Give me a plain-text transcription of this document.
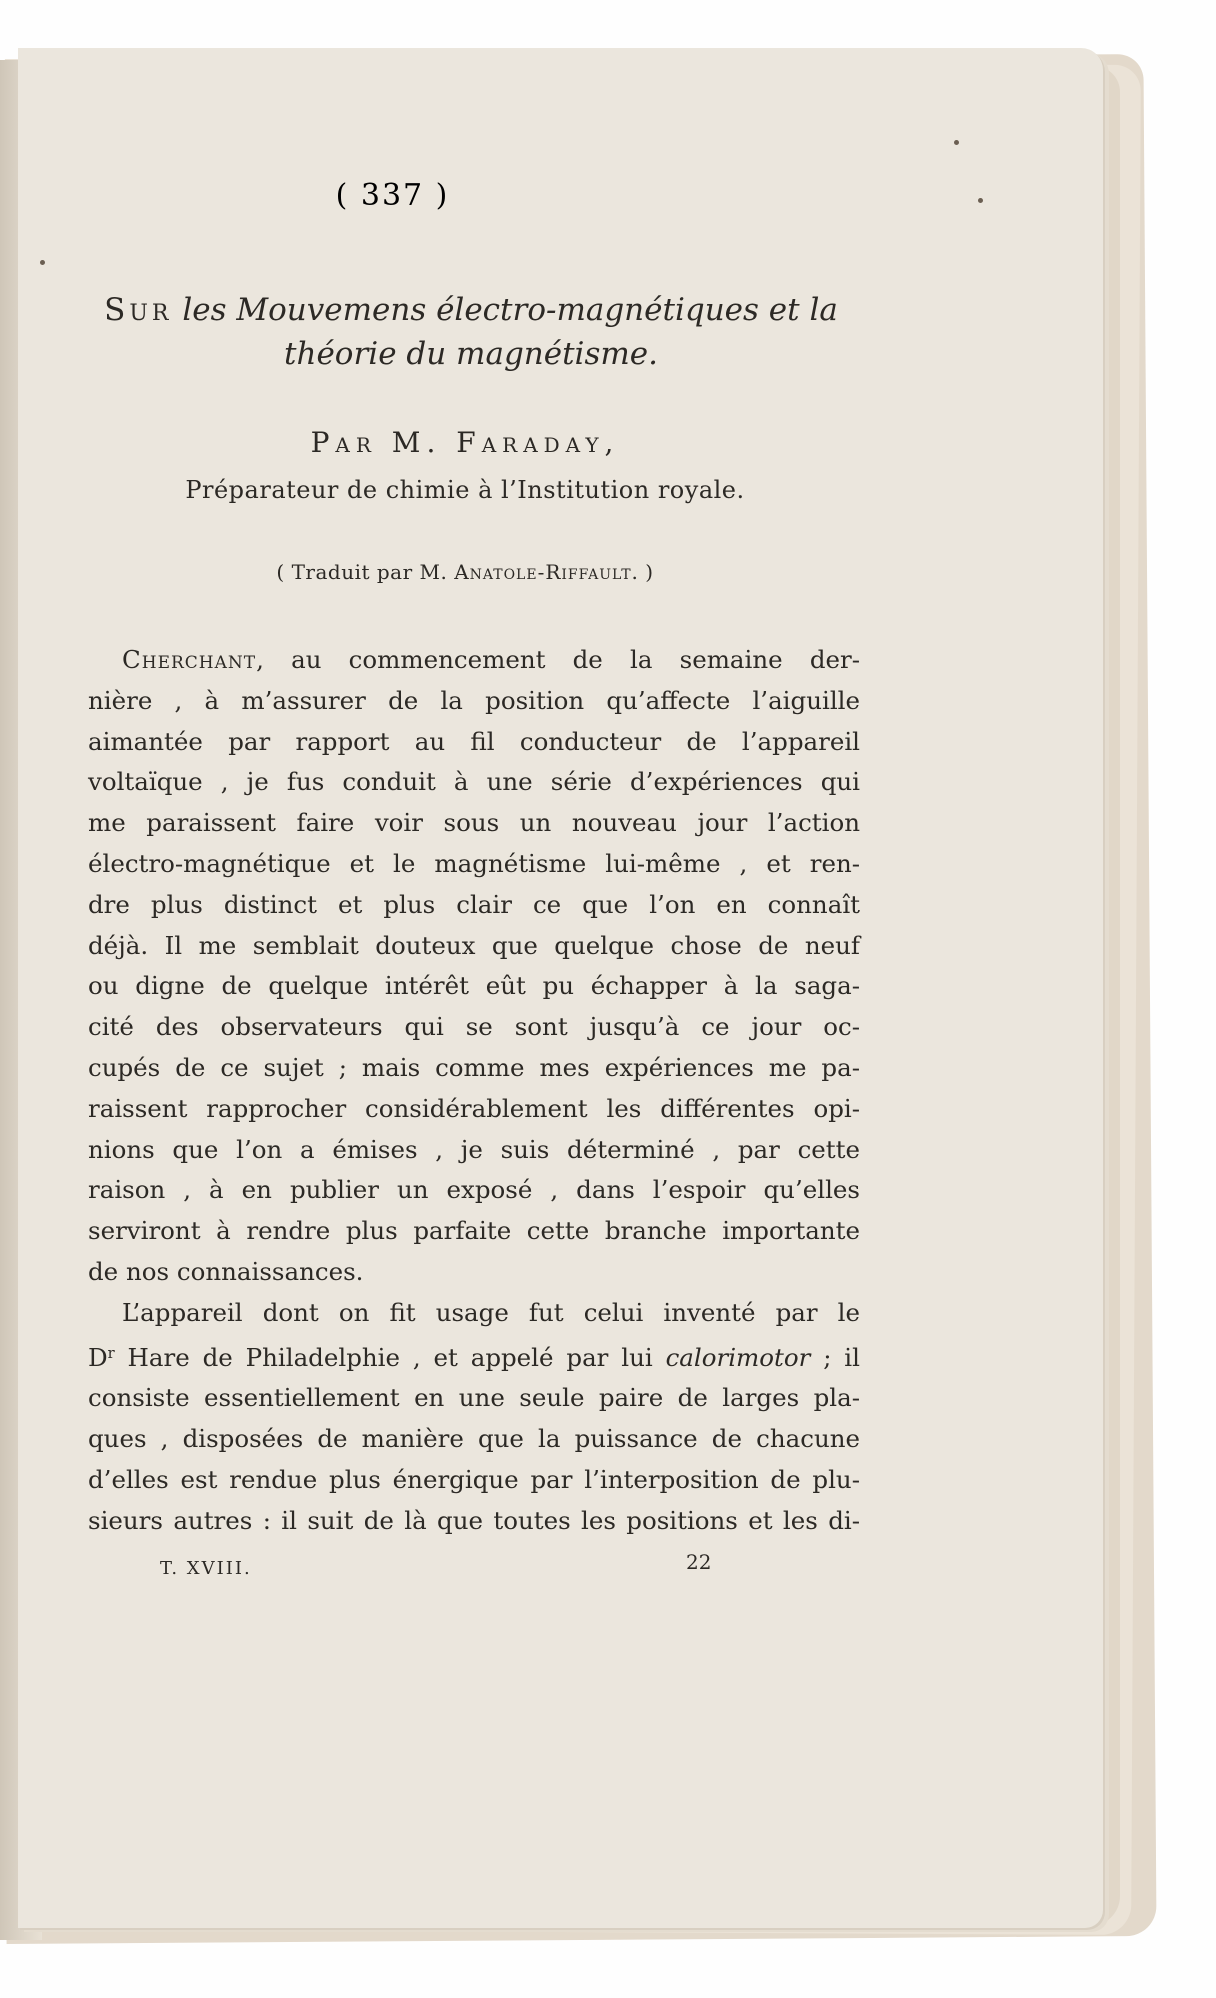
( 337 )
Sur les Mouvemens électro-magnétiques et la théorie du magnétisme.
Par M. Faraday,
Préparateur de chimie à l’Institution royale.
( Traduit par M. Anatole-Riffault. )

Cherchant, au commencement de la semaine der-
nière , à m’assurer de la position qu’affecte l’aiguille
aimantée par rapport au fil conducteur de l’appareil
voltaïque , je fus conduit à une série d’expériences qui
me paraissent faire voir sous un nouveau jour l’action
électro-magnétique et le magnétisme lui-même , et ren-
dre plus distinct et plus clair ce que l’on en connaît
déjà. Il me semblait douteux que quelque chose de neuf
ou digne de quelque intérêt eût pu échapper à la saga-
cité des observateurs qui se sont jusqu’à ce jour oc-
cupés de ce sujet ; mais comme mes expériences me pa-
raissent rapprocher considérablement les différentes opi-
nions que l’on a émises , je suis déterminé , par cette
raison , à en publier un exposé , dans l’espoir qu’elles
serviront à rendre plus parfaite cette branche importante
de nos connaissances.

L’appareil dont on fit usage fut celui inventé par le
$D^r$ Hare de Philadelphie , et appelé par lui calorimotor ; il
consiste essentiellement en une seule paire de larges pla-
ques , disposées de manière que la puissance de chacune
d’elles est rendue plus énergique par l’interposition de plu-
sieurs autres : il suit de là que toutes les positions et les di-

T. XVIII.	22
